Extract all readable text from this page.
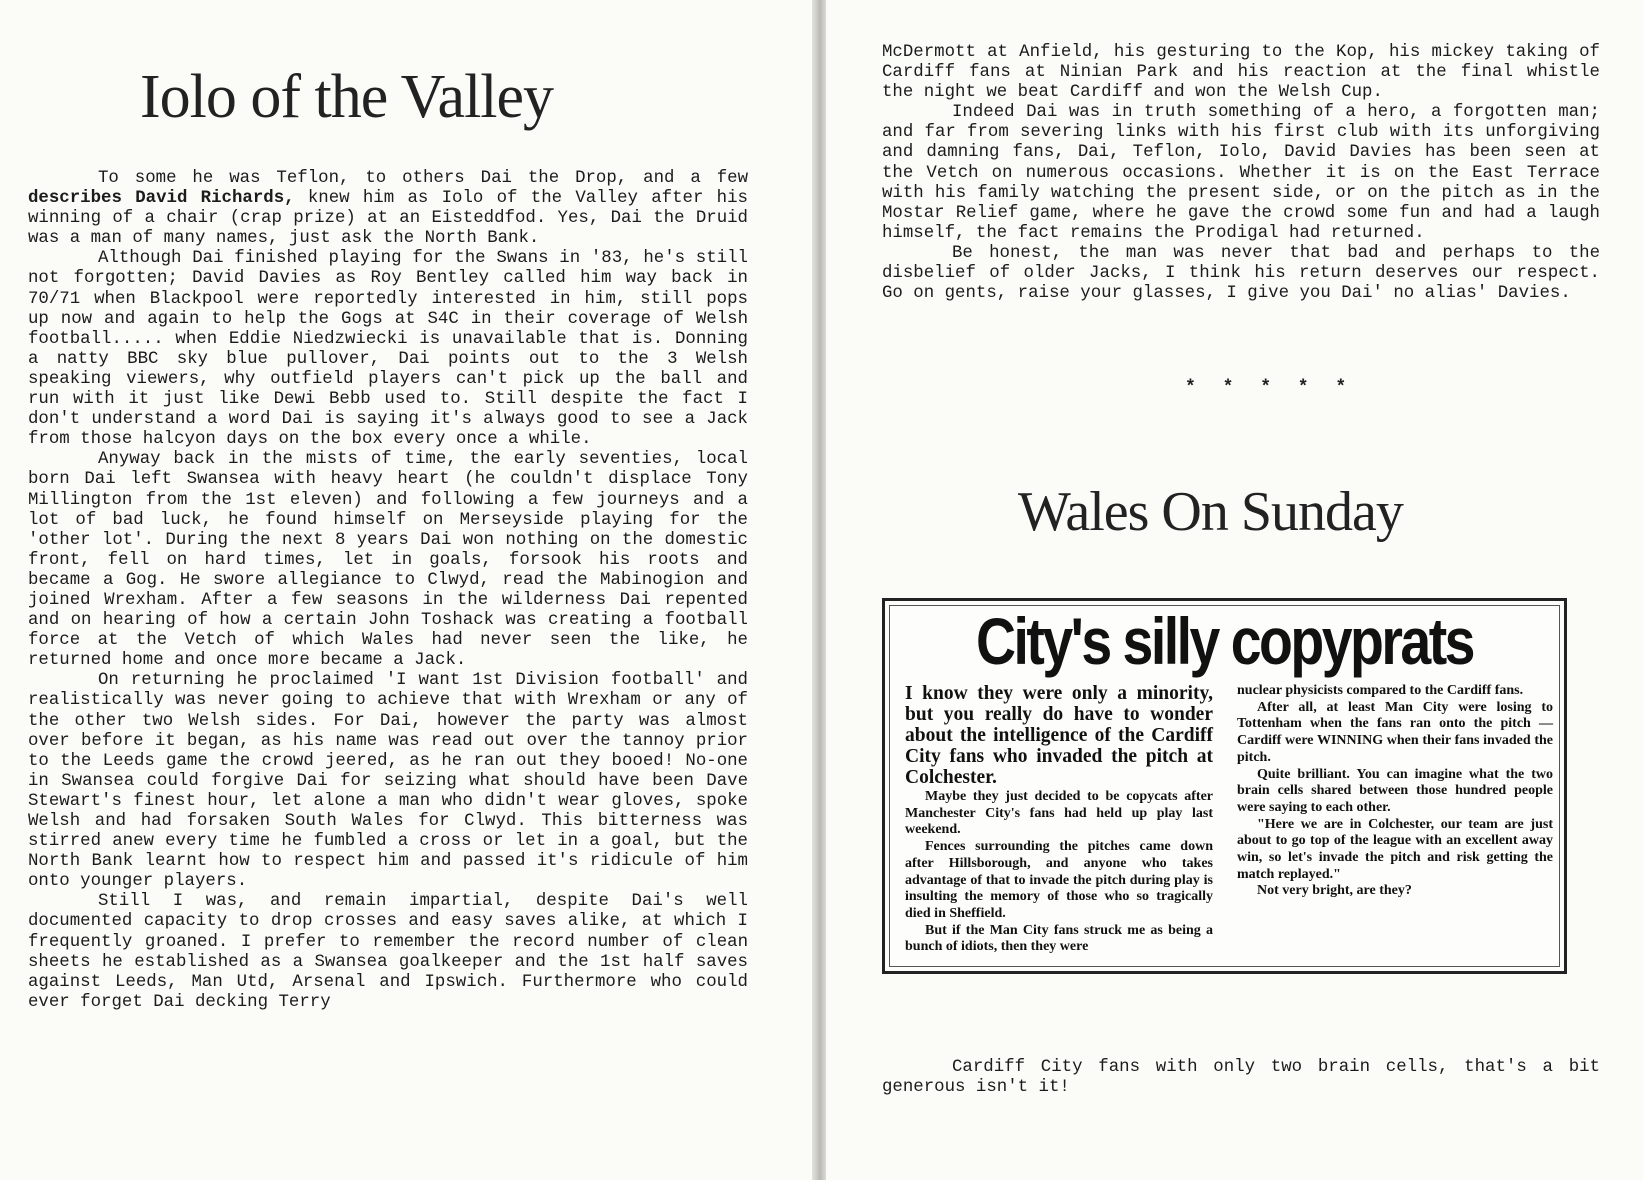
Iolo of the Valley

To some he was Teflon, to others Dai the Drop, and a few describes David Richards, knew him as Iolo of the Valley after his winning of a chair (crap prize) at an Eisteddfod. Yes, Dai the Druid was a man of many names, just ask the North Bank.

Although Dai finished playing for the Swans in '83, he's still not forgotten; David Davies as Roy Bentley called him way back in 70/71 when Blackpool were reportedly interested in him, still pops up now and again to help the Gogs at S4C in their coverage of Welsh football..... when Eddie Niedzwiecki is unavailable that is. Donning a natty BBC sky blue pullover, Dai points out to the 3 Welsh speaking viewers, why outfield players can't pick up the ball and run with it just like Dewi Bebb used to. Still despite the fact I don't understand a word Dai is saying it's always good to see a Jack from those halcyon days on the box every once a while.

Anyway back in the mists of time, the early seventies, local born Dai left Swansea with heavy heart (he couldn't displace Tony Millington from the 1st eleven) and following a few journeys and a lot of bad luck, he found himself on Merseyside playing for the 'other lot'. During the next 8 years Dai won nothing on the domestic front, fell on hard times, let in goals, forsook his roots and became a Gog. He swore allegiance to Clwyd, read the Mabinogion and joined Wrexham. After a few seasons in the wilderness Dai repented and on hearing of how a certain John Toshack was creating a football force at the Vetch of which Wales had never seen the like, he returned home and once more became a Jack.

On returning he proclaimed 'I want 1st Division football' and realistically was never going to achieve that with Wrexham or any of the other two Welsh sides. For Dai, however the party was almost over before it began, as his name was read out over the tannoy prior to the Leeds game the crowd jeered, as he ran out they booed! No-one in Swansea could forgive Dai for seizing what should have been Dave Stewart's finest hour, let alone a man who didn't wear gloves, spoke Welsh and had forsaken South Wales for Clwyd. This bitterness was stirred anew every time he fumbled a cross or let in a goal, but the North Bank learnt how to respect him and passed it's ridicule of him onto younger players.

Still I was, and remain impartial, despite Dai's well documented capacity to drop crosses and easy saves alike, at which I frequently groaned. I prefer to remember the record number of clean sheets he established as a Swansea goalkeeper and the 1st half saves against Leeds, Man Utd, Arsenal and Ipswich. Furthermore who could ever forget Dai decking Terry

McDermott at Anfield, his gesturing to the Kop, his mickey taking of Cardiff fans at Ninian Park and his reaction at the final whistle the night we beat Cardiff and won the Welsh Cup.

Indeed Dai was in truth something of a hero, a forgotten man; and far from severing links with his first club with its unforgiving and damning fans, Dai, Teflon, Iolo, David Davies has been seen at the Vetch on numerous occasions. Whether it is on the East Terrace with his family watching the present side, or on the pitch as in the Mostar Relief game, where he gave the crowd some fun and had a laugh himself, the fact remains the Prodigal had returned.

Be honest, the man was never that bad and perhaps to the disbelief of older Jacks, I think his return deserves our respect. Go on gents, raise your glasses, I give you Dai' no alias' Davies.

* * * * *

Wales On Sunday
City's silly copyprats

I know they were only a minority, but you really do have to wonder about the intelligence of the Cardiff City fans who invaded the pitch at Colchester.

Maybe they just decided to be copycats after Manchester City's fans had held up play last weekend.

Fences surrounding the pitches came down after Hillsborough, and anyone who takes advantage of that to invade the pitch during play is insulting the memory of those who so tragically died in Sheffield.

But if the Man City fans struck me as being a bunch of idiots, then they were

nuclear physicists compared to the Cardiff fans.

After all, at least Man City were losing to Tottenham when the fans ran onto the pitch — Cardiff were WINNING when their fans invaded the pitch.

Quite brilliant. You can imagine what the two brain cells shared between those hundred people were saying to each other.

"Here we are in Colchester, our team are just about to go top of the league with an excellent away win, so let's invade the pitch and risk getting the match replayed."

Not very bright, are they?

Cardiff City fans with only two brain cells, that's a bit generous isn't it!
